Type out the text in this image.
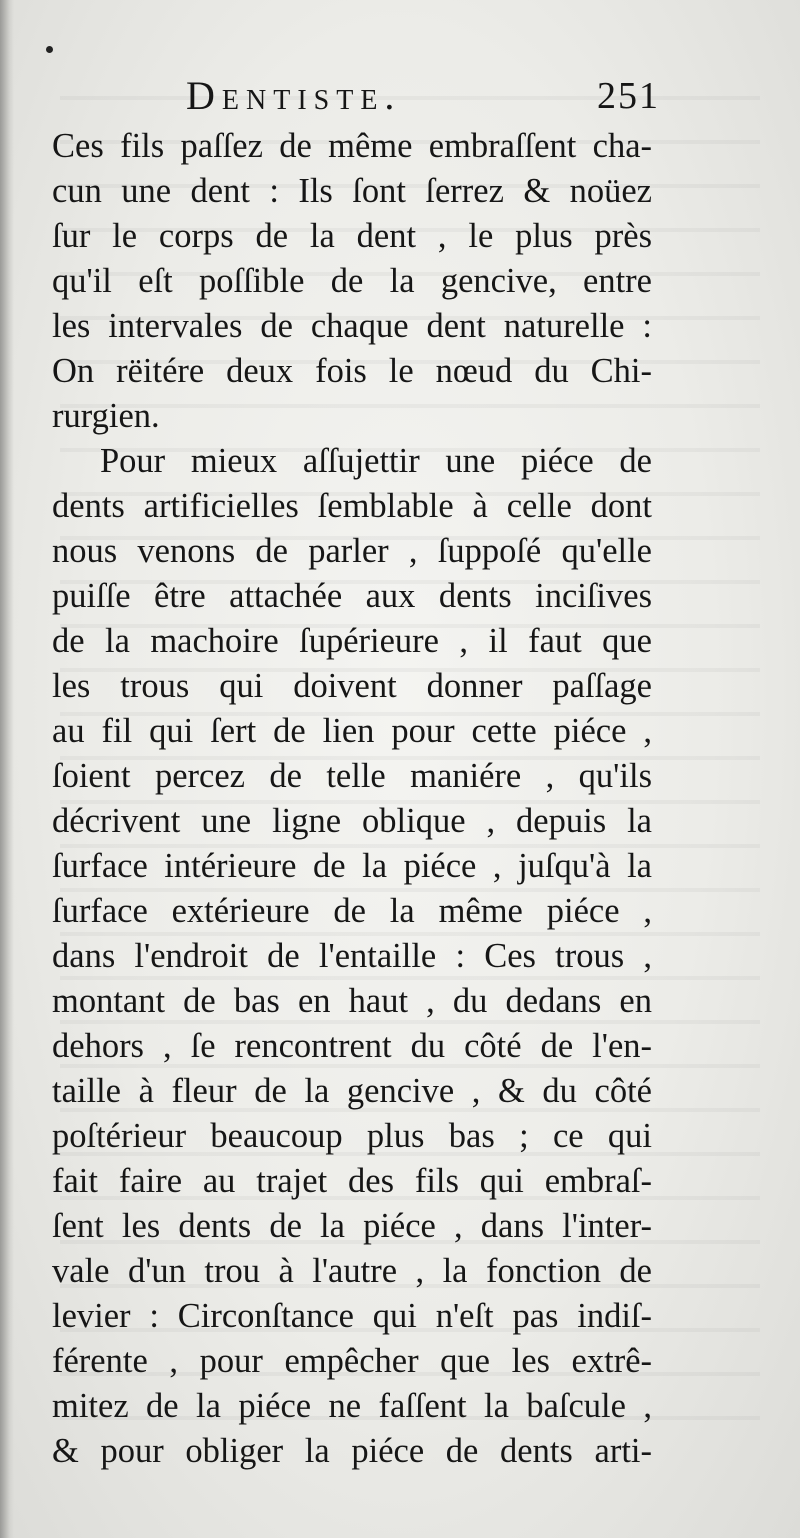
Dentiste.	251
Ces fils paſſez de même embraſſent cha-
cun une dent : Ils ſont ſerrez & noüez
ſur le corps de la dent , le plus près
qu'il eſt poſſible de la gencive, entre
les intervales de chaque dent naturelle :
On rëitére deux fois le nœud du Chi-
rurgien.
Pour mieux aſſujettir une piéce de
dents artificielles ſemblable à celle dont
nous venons de parler , ſuppoſé qu'elle
puiſſe être attachée aux dents inciſives
de la machoire ſupérieure , il faut que
les trous qui doivent donner paſſage
au fil qui ſert de lien pour cette piéce ,
ſoient percez de telle maniére , qu'ils
décrivent une ligne oblique , depuis la
ſurface intérieure de la piéce , juſqu'à la
ſurface extérieure de la même piéce ,
dans l'endroit de l'entaille : Ces trous ,
montant de bas en haut , du dedans en
dehors , ſe rencontrent du côté de l'en-
taille à fleur de la gencive , & du côté
poſtérieur beaucoup plus bas ; ce qui
fait faire au trajet des fils qui embraſ-
ſent les dents de la piéce , dans l'inter-
vale d'un trou à l'autre , la fonction de
levier : Circonſtance qui n'eſt pas indiſ-
férente , pour empêcher que les extrê-
mitez de la piéce ne faſſent la baſcule ,
& pour obliger la piéce de dents arti-
